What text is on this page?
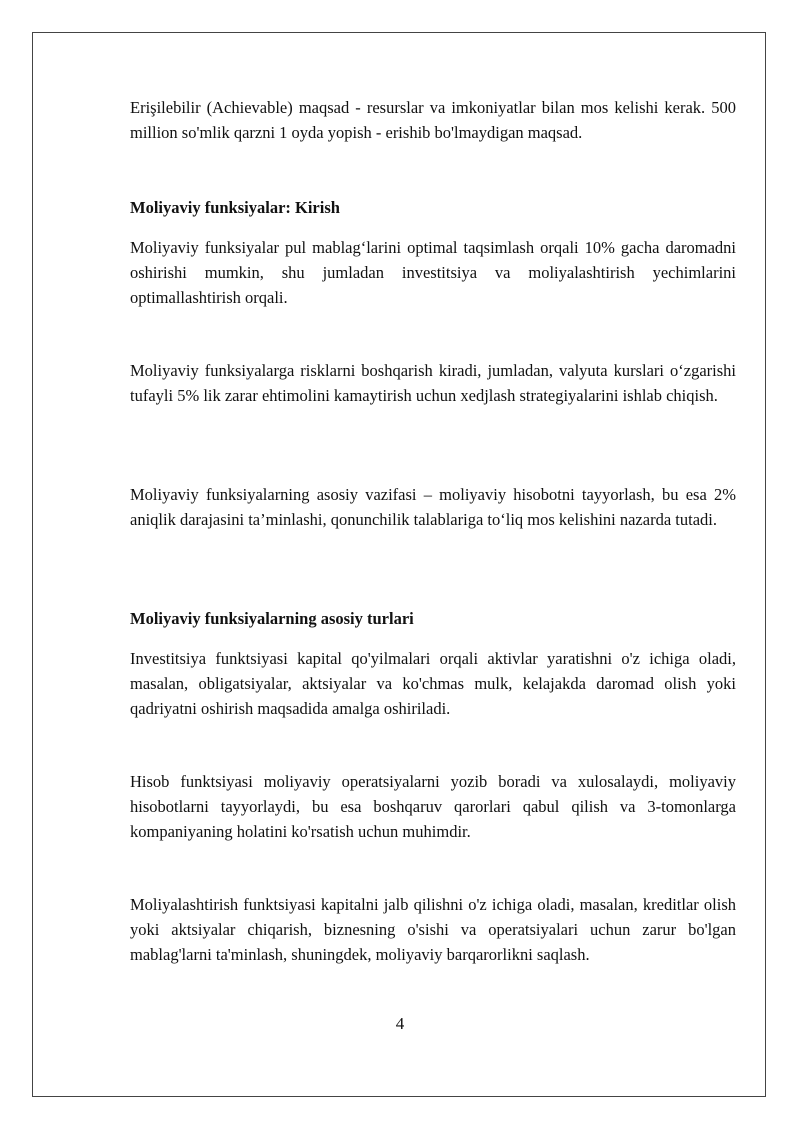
Erişilebilir (Achievable) maqsad - resurslar va imkoniyatlar bilan mos kelishi kerak. 500 million so'mlik qarzni 1 oyda yopish - erishib bo'lmaydigan maqsad.

Moliyaviy funksiyalar: Kirish

Moliyaviy funksiyalar pul mablag‘larini optimal taqsimlash orqali 10% gacha daromadni oshirishi mumkin, shu jumladan investitsiya va moliyalashtirish yechimlarini optimallashtirish orqali.

Moliyaviy funksiyalarga risklarni boshqarish kiradi, jumladan, valyuta kurslari o‘zgarishi tufayli 5% lik zarar ehtimolini kamaytirish uchun xedjlash strategiyalarini ishlab chiqish.

Moliyaviy funksiyalarning asosiy vazifasi – moliyaviy hisobotni tayyorlash, bu esa 2% aniqlik darajasini ta’minlashi, qonunchilik talablariga to‘liq mos kelishini nazarda tutadi.

Moliyaviy funksiyalarning asosiy turlari

Investitsiya funktsiyasi kapital qo'yilmalari orqali aktivlar yaratishni o'z ichiga oladi, masalan, obligatsiyalar, aktsiyalar va ko'chmas mulk, kelajakda daromad olish yoki qadriyatni oshirish maqsadida amalga oshiriladi.

Hisob funktsiyasi moliyaviy operatsiyalarni yozib boradi va xulosalaydi, moliyaviy hisobotlarni tayyorlaydi, bu esa boshqaruv qarorlari qabul qilish va 3-tomonlarga kompaniyaning holatini ko'rsatish uchun muhimdir.

Moliyalashtirish funktsiyasi kapitalni jalb qilishni o'z ichiga oladi, masalan, kreditlar olish yoki aktsiyalar chiqarish, biznesning o'sishi va operatsiyalari uchun zarur bo'lgan mablag'larni ta'minlash, shuningdek, moliyaviy barqarorlikni saqlash.

4
